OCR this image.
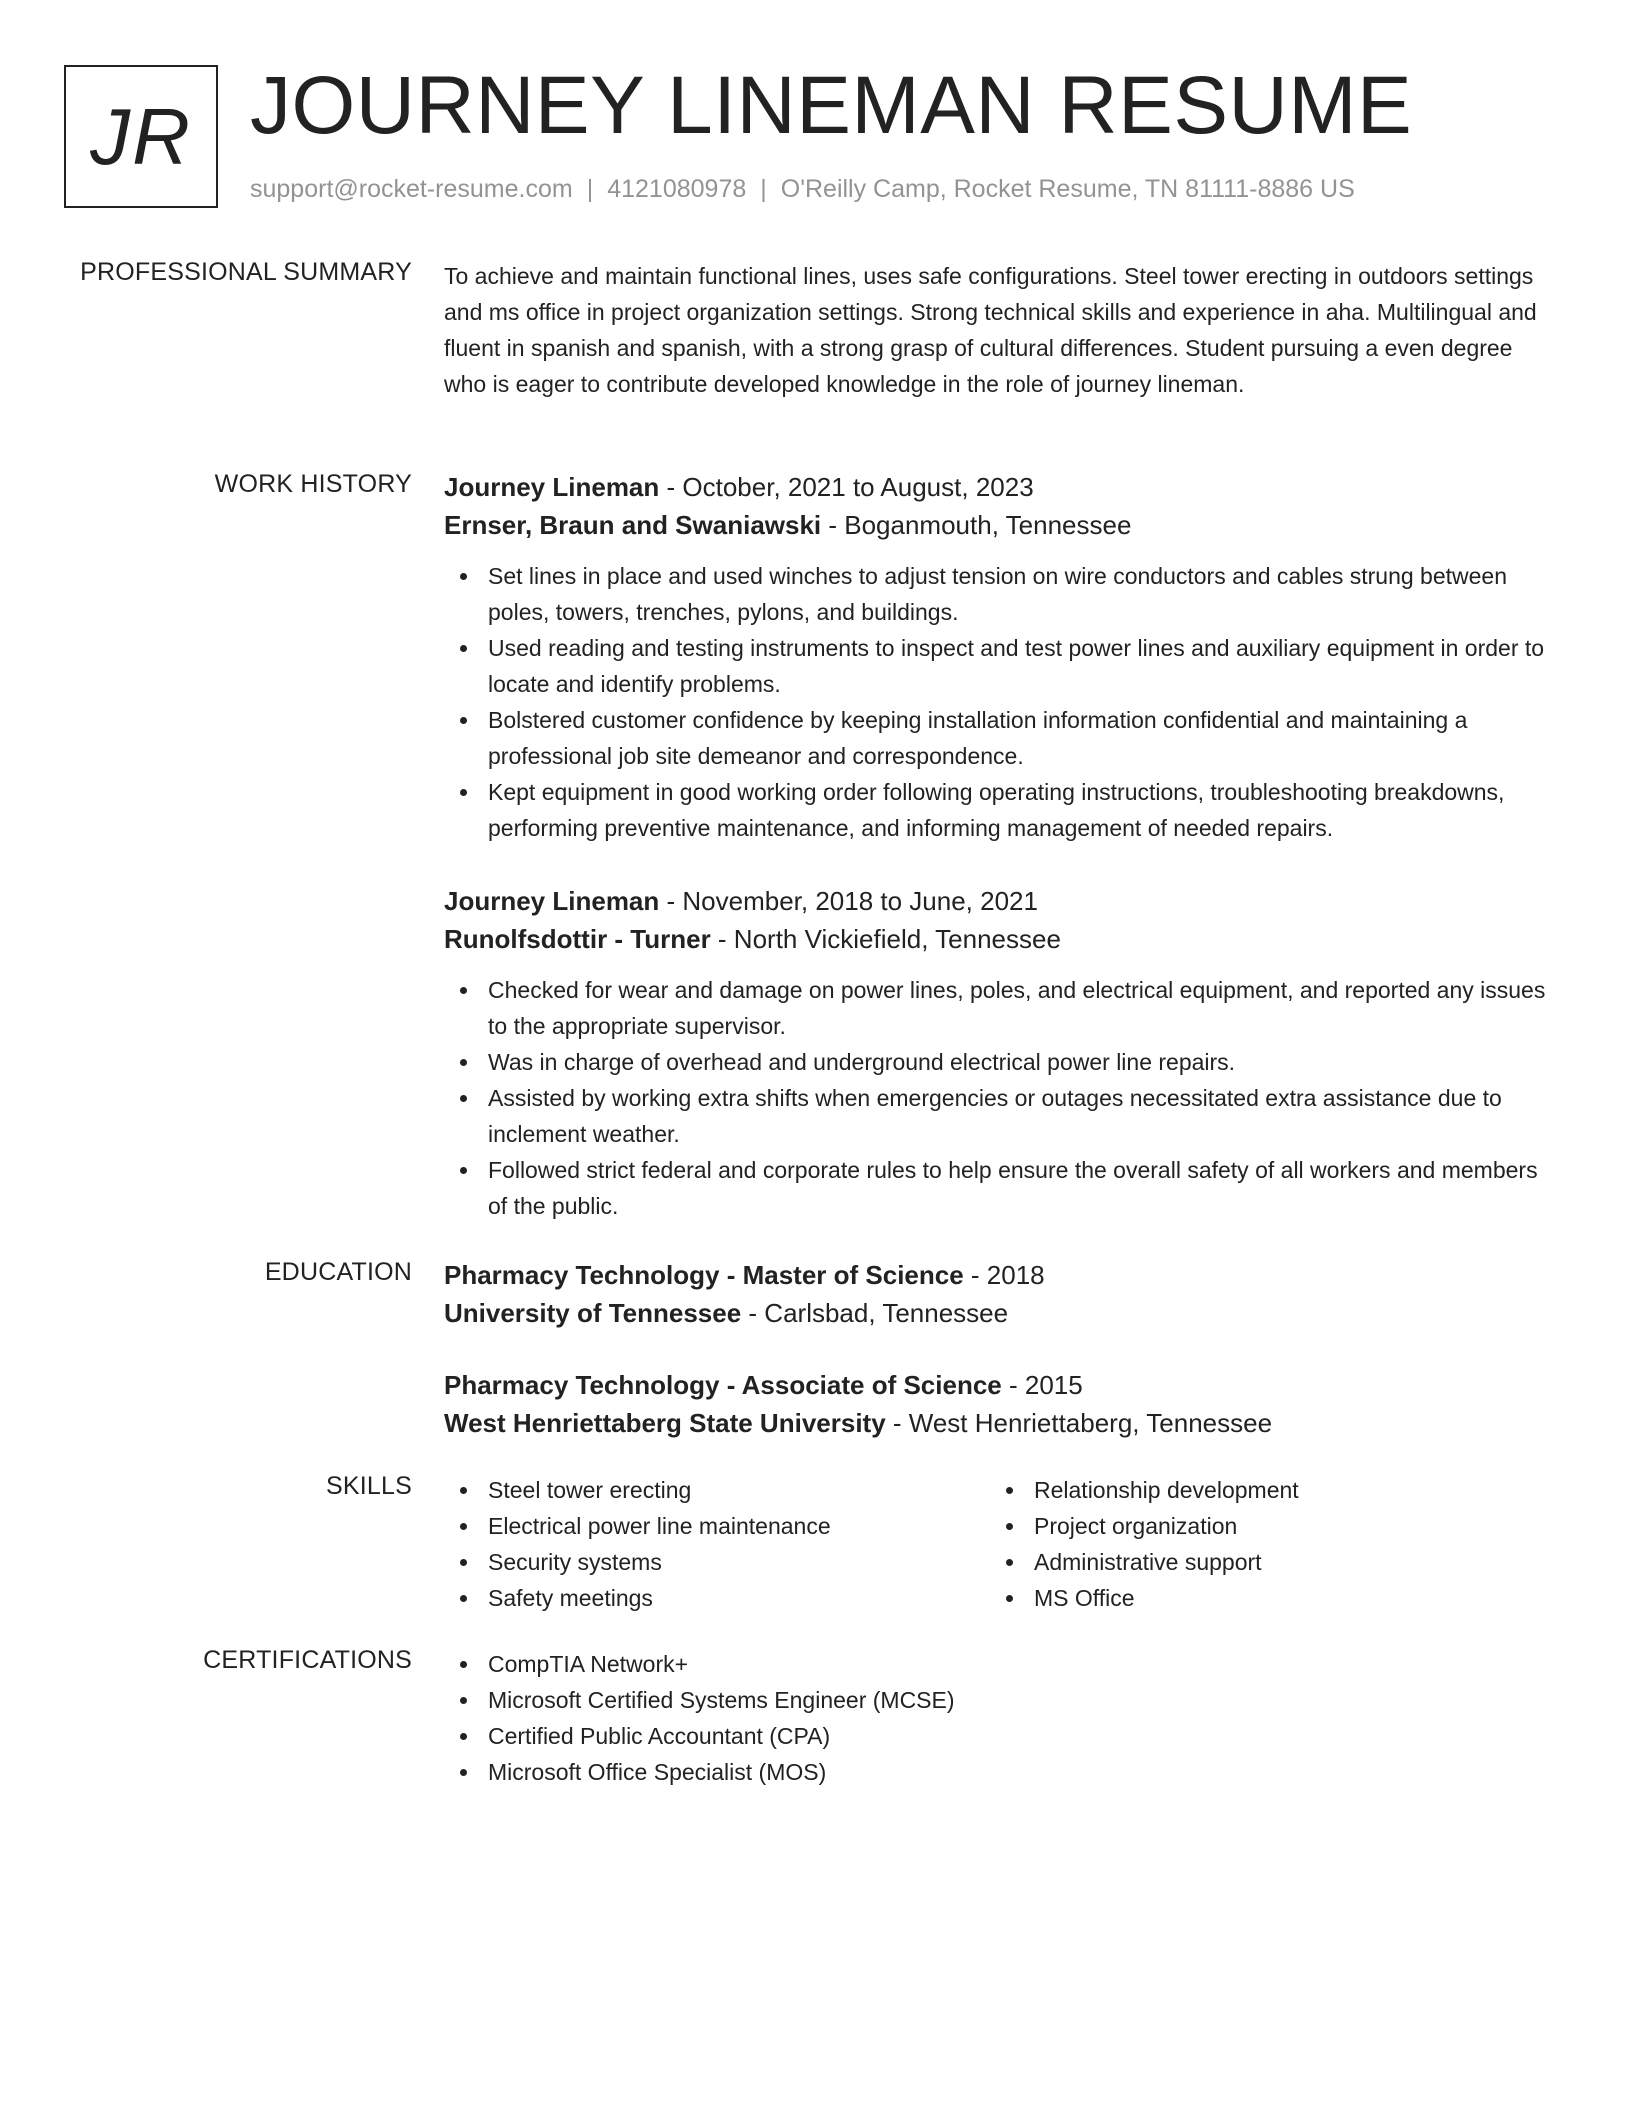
JR JOURNEY LINEMAN RESUME
support@rocket-resume.com | 4121080978 | O'Reilly Camp, Rocket Resume, TN 81111-8886 US
PROFESSIONAL SUMMARY To achieve and maintain functional lines, uses safe configurations. Steel tower erecting in outdoors settings and ms office in project organization settings. Strong technical skills and experience in aha. Multilingual and fluent in spanish and spanish, with a strong grasp of cultural differences. Student pursuing a even degree who is eager to contribute developed knowledge in the role of journey lineman.

WORK HISTORY Journey Lineman - October, 2021 to August, 2023
Ernser, Braun and Swaniawski - Boganmouth, Tennessee
Set lines in place and used winches to adjust tension on wire conductors and cables strung between poles, towers, trenches, pylons, and buildings.
Used reading and testing instruments to inspect and test power lines and auxiliary equipment in order to locate and identify problems.
Bolstered customer confidence by keeping installation information confidential and maintaining a professional job site demeanor and correspondence.
Kept equipment in good working order following operating instructions, troubleshooting breakdowns, performing preventive maintenance, and informing management of needed repairs.
Journey Lineman - November, 2018 to June, 2021
Runolfsdottir - Turner - North Vickiefield, Tennessee
Checked for wear and damage on power lines, poles, and electrical equipment, and reported any issues to the appropriate supervisor.
Was in charge of overhead and underground electrical power line repairs.
Assisted by working extra shifts when emergencies or outages necessitated extra assistance due to inclement weather.
Followed strict federal and corporate rules to help ensure the overall safety of all workers and members of the public.
EDUCATION Pharmacy Technology - Master of Science - 2018
University of Tennessee - Carlsbad, Tennessee
Pharmacy Technology - Associate of Science - 2015
West Henriettaberg State University - West Henriettaberg, Tennessee
SKILLS	Steel tower erecting
Electrical power line maintenance
Security systems
Safety meetings
Relationship development
Project organization
Administrative support
MS Office
CERTIFICATIONS	CompTIA Network+
Microsoft Certified Systems Engineer (MCSE)
Certified Public Accountant (CPA)
Microsoft Office Specialist (MOS)
